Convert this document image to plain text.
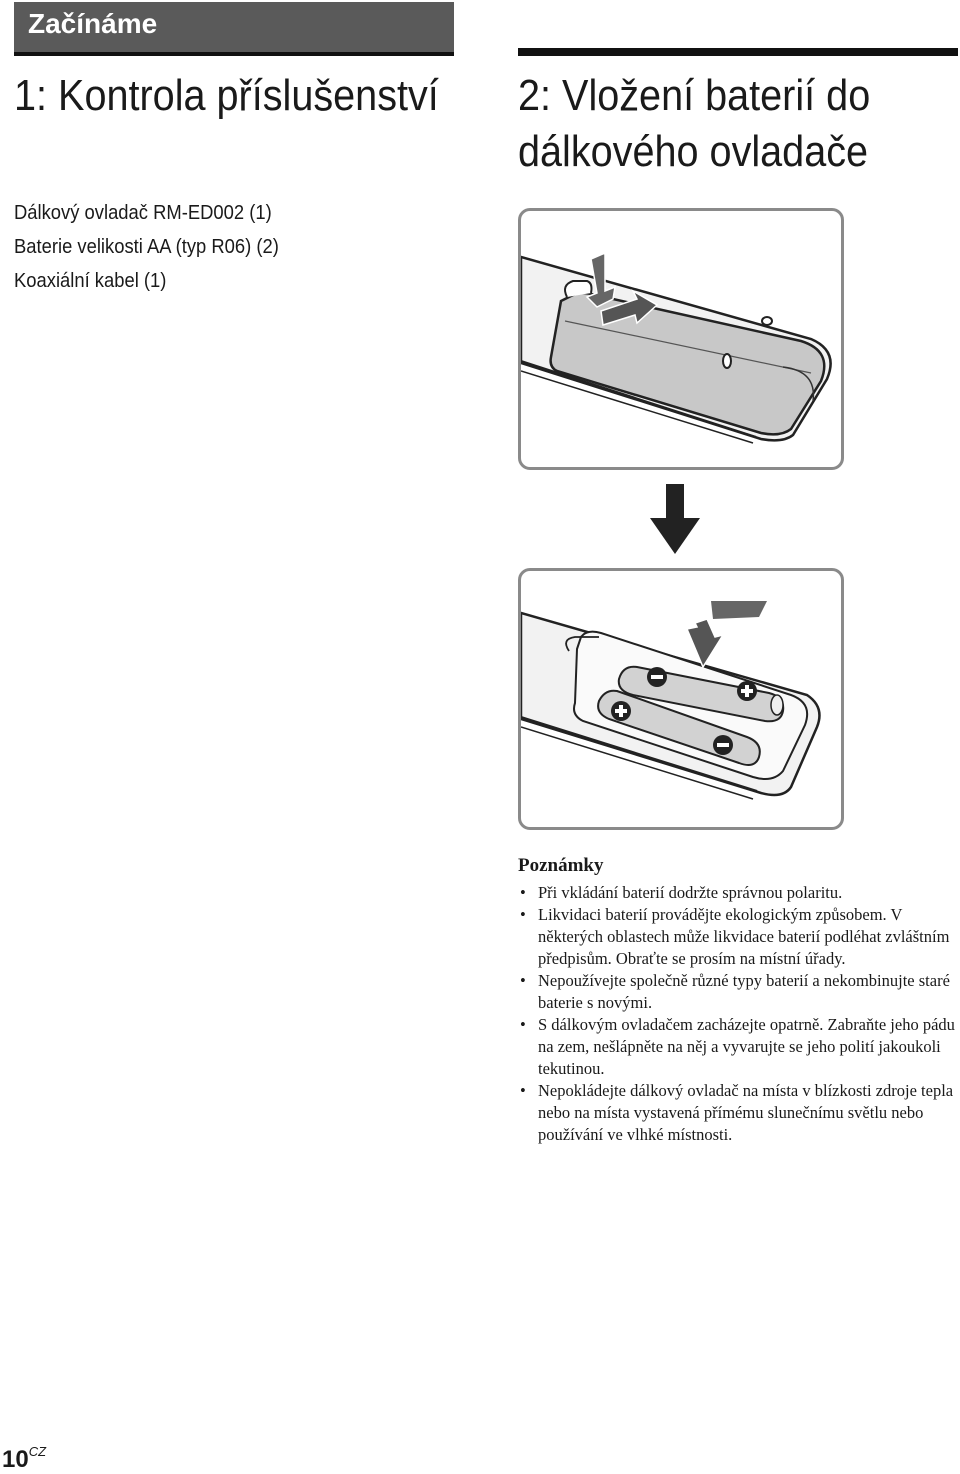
Začínáme
1: Kontrola příslušenství
Dálkový ovladač RM-ED002 (1)
Baterie velikosti AA (typ R06) (2)
Koaxiální kabel (1)
2: Vložení baterií do dálkového ovladače
Poznámky
• Při vkládání baterií dodržte správnou polaritu.
• Likvidaci baterií provádějte ekologickým způsobem. V některých oblastech může likvidace baterií podléhat zvláštním předpisům. Obraťte se prosím na místní úřady.
• Nepoužívejte společně různé typy baterií a nekombinujte staré baterie s novými.
• S dálkovým ovladačem zacházejte opatrně. Zabraňte jeho pádu na zem, nešlápněte na něj a vyvarujte se jeho polití jakoukoli tekutinou.
• Nepokládejte dálkový ovladač na místa v blízkosti zdroje tepla nebo na místa vystavená přímému slunečnímu světlu nebo používání ve vlhké místnosti.
$10^{CZ}$
